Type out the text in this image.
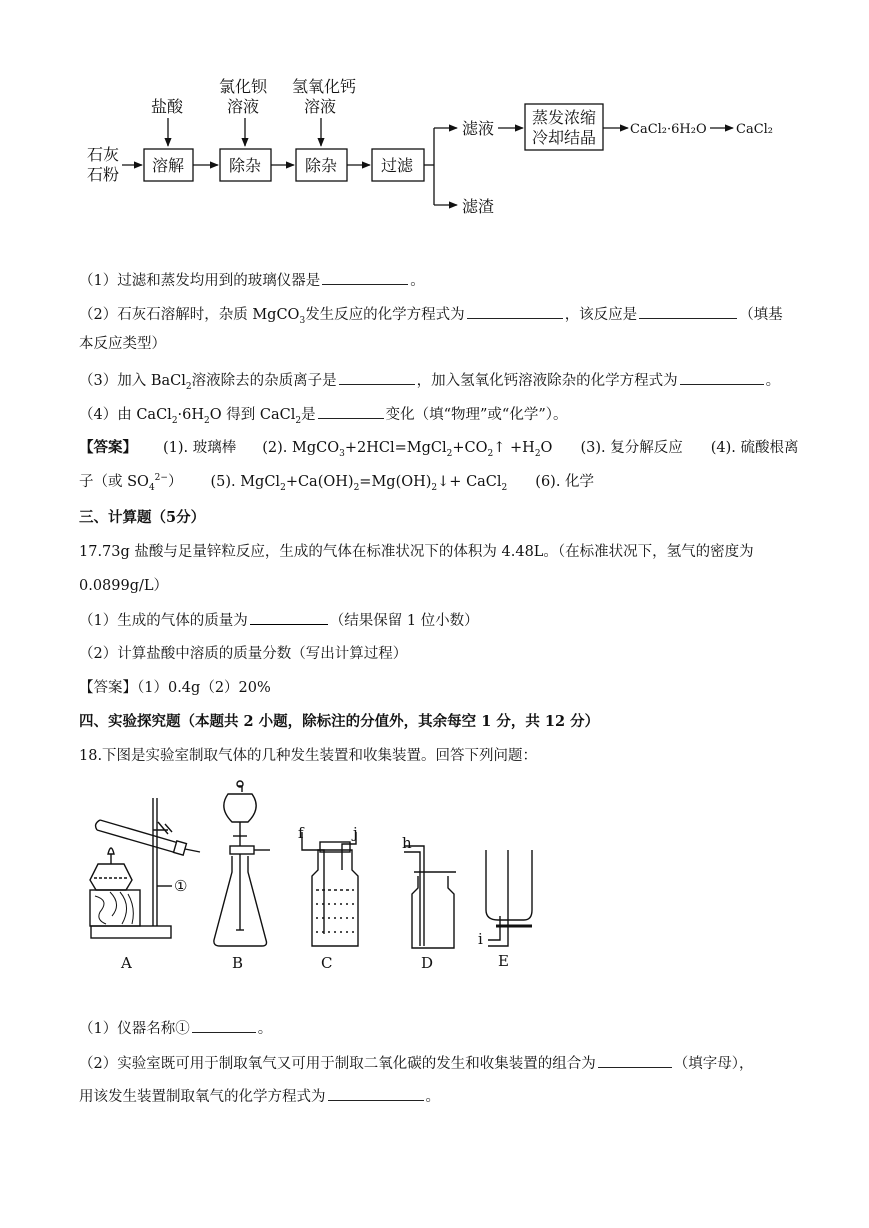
石灰
石粉
盐酸
氯化钡
溶液
氢氧化钙
溶液
溶解	除杂	除杂	过滤
滤液
滤渣
蒸发浓缩
冷却结晶	CaCl₂·6H₂O CaCl₂
（1）过滤和蒸发均用到的玻璃仪器是	。
（2）石灰石溶解时，杂质 MgCO$_3$发生反应的化学方程式为	，该反应是	（填基
本反应类型）
（3）加入 BaCl$_2$溶液除去的杂质离子是	，加入氢氧化钙溶液除杂的化学方程式为	。
（4）由 $CaCl_2\cdot 6H_2O$ 得到 CaCl$_2$是	变化（填“物理”或“化学”）。
【答案】 (1). 玻璃棒 (2). $MgCO_3+2HCl=MgCl_2+CO_2↑ +H_2O$ (3). 复分解反应 (4). 硫酸根离
子（或 $SO_4^{2-}$） (5). $MgCl_2+Ca(OH)_2=Mg(OH)_2↓+$ CaCl$_2$ (6). 化学
三、计算题（5分）
17.73g 盐酸与足量锌粒反应，生成的气体在标准状况下的体积为 4.48L。（在标准状况下，氢气的密度为
0.0899g/L）
（1）生成的气体的质量为	（结果保留 1 位小数）
（2）计算盐酸中溶质的质量分数（写出计算过程）
【答案】（1）0.4g（2）20%
四、实验探究题（本题共 2 小题，除标注的分值外，其余每空 1 分，共 12 分）
18.下图是实验室制取气体的几种发生装置和收集装置。回答下列问题：
A	B	C	D	E
f	j
h
i
①
（1）仪器名称①	。
（2）实验室既可用于制取氧气又可用于制取二氧化碳的发生和收集装置的组合为	（填字母），
用该发生装置制取氧气的化学方程式为	。
